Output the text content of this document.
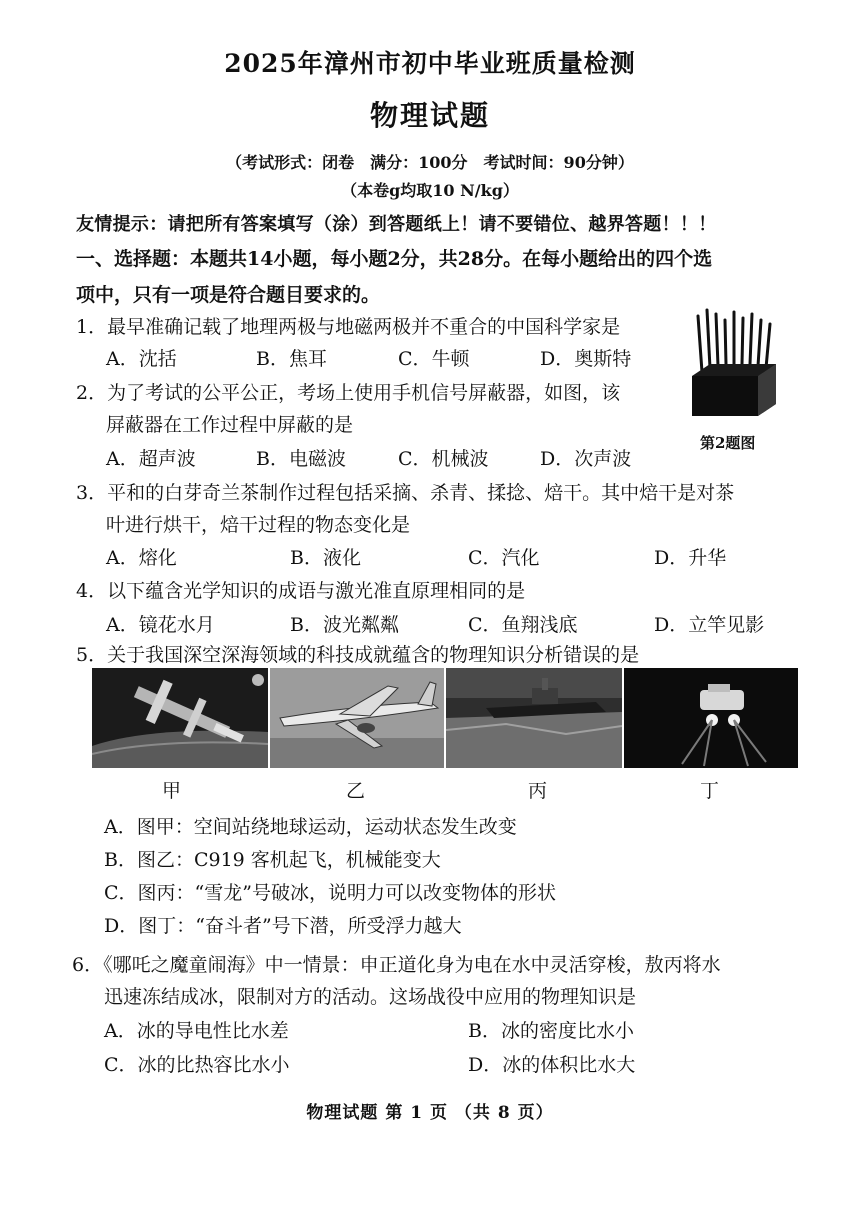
2025年漳州市初中毕业班质量检测
物理试题
（考试形式：闭卷　满分：100分　考试时间：90分钟）
（本卷g均取10 N/kg）
友情提示：请把所有答案填写（涂）到答题纸上！请不要错位、越界答题！！！
一、选择题：本题共14小题，每小题2分，共28分。在每小题给出的四个选
项中，只有一项是符合题目要求的。
1．最早准确记载了地理两极与地磁两极并不重合的中国科学家是
A．沈括	B．焦耳	C．牛顿	D．奥斯特
2．为了考试的公平公正，考场上使用手机信号屏蔽器，如图，该
屏蔽器在工作过程中屏蔽的是
A．超声波	B．电磁波	C．机械波	D．次声波
第2题图
3．平和的白芽奇兰茶制作过程包括采摘、杀青、揉捻、焙干。其中焙干是对茶
叶进行烘干，焙干过程的物态变化是
A．熔化	B．液化	C．汽化	D．升华
4．以下蕴含光学知识的成语与激光准直原理相同的是
A．镜花水月	B．波光粼粼	C．鱼翔浅底	D．立竿见影
5．关于我国深空深海领域的科技成就蕴含的物理知识分析错误的是
甲	乙	丙	丁
A．图甲：空间站绕地球运动，运动状态发生改变
B．图乙：C919 客机起飞，机械能变大
C．图丙：“雪龙”号破冰，说明力可以改变物体的形状
D．图丁：“奋斗者”号下潜，所受浮力越大
6．《哪吒之魔童闹海》中一情景：申正道化身为电在水中灵活穿梭，敖丙将水
迅速冻结成冰，限制对方的活动。这场战役中应用的物理知识是
A．冰的导电性比水差	B．冰的密度比水小
C．冰的比热容比水小	D．冰的体积比水大
物理试题 第 1 页 （共 8 页）
